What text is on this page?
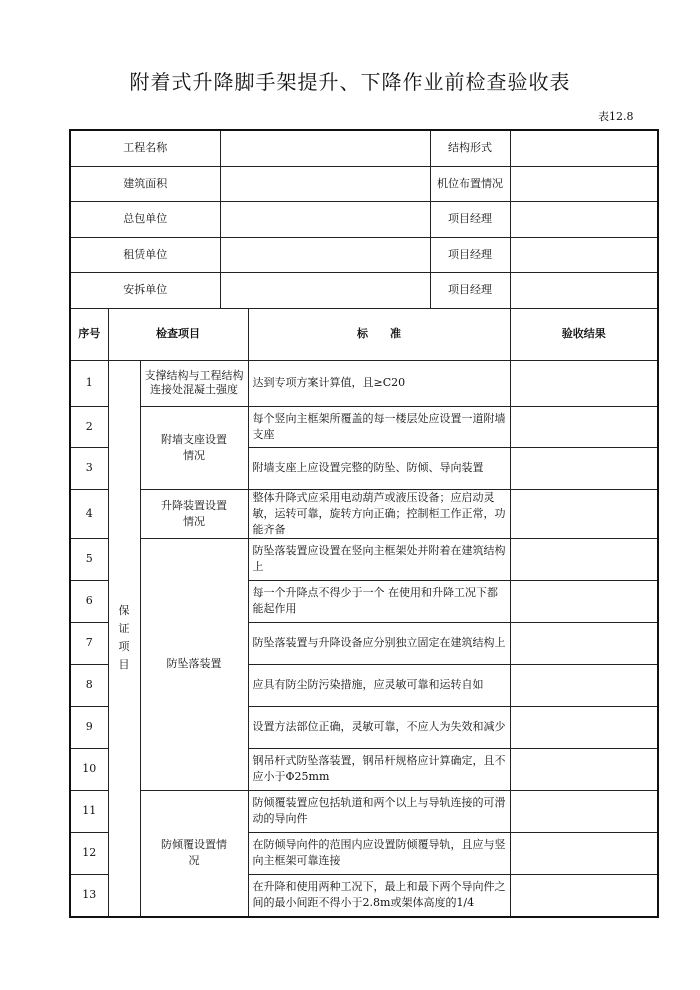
附着式升降脚手架提升、下降作业前检查验收表
表12.8
工程名称					结构形式	
建筑面积					机位布置情况	
总包单位					项目经理	
租赁单位					项目经理	
安拆单位					项目经理	
序号	检查项目			标　　准		验收结果
1	保证项目	支撑结构与工程结构连接处混凝土强度		达到专项方案计算值，且≥C20		
2		附墙支座设置情况		每个竖向主框架所覆盖的每一楼层处应设置一道附墙支座		
3				附墙支座上应设置完整的防坠、防倾、导向装置		
4		升降装置设置情况		整体升降式应采用电动葫芦或液压设备；应启动灵敏，运转可靠，旋转方向正确；控制柜工作正常，功能齐备		
5		防坠落装置		防坠落装置应设置在竖向主框架处并附着在建筑结构上		
6				每一个升降点不得少于一个 在使用和升降工况下都能起作用		
7				防坠落装置与升降设备应分别独立固定在建筑结构上		
8				应具有防尘防污染措施，应灵敏可靠和运转自如		
9				设置方法部位正确，灵敏可靠，不应人为失效和减少		
10				钢吊杆式防坠落装置，钢吊杆规格应计算确定，且不应小于Φ25mm		
11		防倾覆设置情况		防倾覆装置应包括轨道和两个以上与导轨连接的可滑动的导向件		
12				在防倾导向件的范围内应设置防倾覆导轨，且应与竖向主框架可靠连接		
13				在升降和使用两种工况下，最上和最下两个导向件之间的最小间距不得小于2.8m或架体高度的1/4		
